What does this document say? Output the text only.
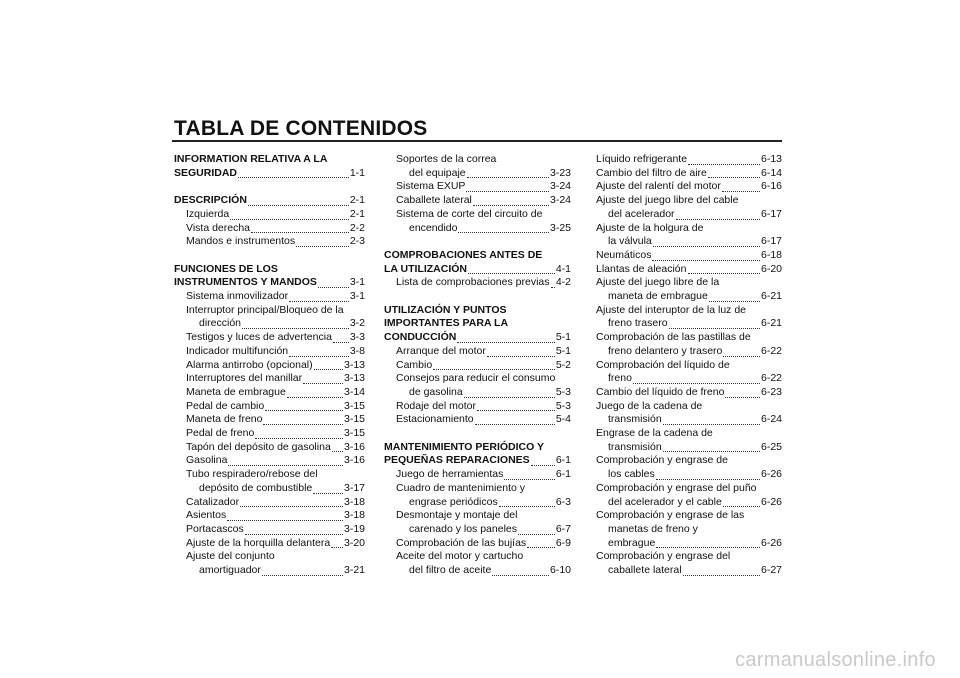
TABLA DE CONTENIDOS
INFORMATION RELATIVA A LA
SEGURIDAD	1-1
DESCRIPCIÓN	2-1
Izquierda	2-1
Vista derecha	2-2
Mandos e instrumentos	2-3
FUNCIONES DE LOS
INSTRUMENTOS Y MANDOS	3-1
Sistema inmovilizador	3-1
Interruptor principal/Bloqueo de la
dirección	3-2
Testigos y luces de advertencia 3-3
Indicador multifunción	3-8
Alarma antirrobo (opcional)	3-13
Interruptores del manillar	3-13
Maneta de embrague	3-14
Pedal de cambio	3-15
Maneta de freno	3-15
Pedal de freno	3-15
Tapón del depósito de gasolina 3-16
Gasolina	3-16
Tubo respiradero/rebose del
depósito de combustible	3-17
Catalizador	3-18
Asientos	3-18
Portacascos	3-19
Ajuste de la horquilla delantera 3-20
Ajuste del conjunto
amortiguador	3-21
Soportes de la correa
del equipaje	3-23
Sistema EXUP	3-24
Caballete lateral	3-24
Sistema de corte del circuito de
encendido	3-25
COMPROBACIONES ANTES DE
LA UTILIZACIÓN	4-1
Lista de comprobaciones previas 4-2
UTILIZACIÓN Y PUNTOS
IMPORTANTES PARA LA
CONDUCCIÓN	5-1
Arranque del motor	5-1
Cambio	5-2
Consejos para reducir el consumo
de gasolina	5-3
Rodaje del motor	5-3
Estacionamiento	5-4
MANTENIMIENTO PERIÓDICO Y
PEQUEÑAS REPARACIONES 6-1
Juego de herramientas	6-1
Cuadro de mantenimiento y
engrase periódicos	6-3
Desmontaje y montaje del
carenado y los paneles	6-7
Comprobación de las bujías	6-9
Aceite del motor y cartucho
del filtro de aceite	6-10
Líquido refrigerante	6-13
Cambio del filtro de aire	6-14
Ajuste del ralentí del motor	6-16
Ajuste del juego libre del cable
del acelerador	6-17
Ajuste de la holgura de
la válvula	6-17
Neumáticos	6-18
Llantas de aleación	6-20
Ajuste del juego libre de la
maneta de embrague	6-21
Ajuste del interuptor de la luz de
freno trasero	6-21
Comprobación de las pastillas de
freno delantero y trasero	6-22
Comprobación del líquido de
freno	6-22
Cambio del líquido de freno	6-23
Juego de la cadena de
transmisión	6-24
Engrase de la cadena de
transmisión	6-25
Comprobación y engrase de
los cables	6-26
Comprobación y engrase del puño
del acelerador y el cable	6-26
Comprobación y engrase de las
manetas de freno y
embrague	6-26
Comprobación y engrase del
caballete lateral	6-27
carmanualsonline.info
